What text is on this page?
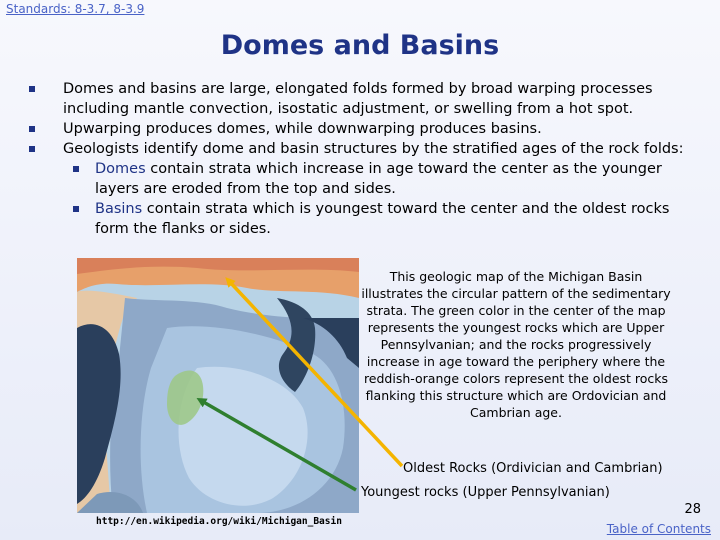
Standards: 8-3.7, 8-3.9
Domes and Basins
Domes and basins are large, elongated folds formed by broad warping processes including mantle convection, isostatic adjustment, or swelling from a hot spot.
Upwarping produces domes, while downwarping produces basins.
Geologists identify dome and basin structures by the stratified ages of the rock folds:
Domes contain strata which increase in age toward the center as the younger layers are eroded from the top and sides.
Basins contain strata which is youngest toward the center and the oldest rocks form the flanks or sides.
This geologic map of the Michigan Basin illustrates the circular pattern of the sedimentary strata. The green color in the center of the map represents the youngest rocks which are Upper Pennsylvanian; and the rocks progressively increase in age toward the periphery where the reddish-orange colors represent the oldest rocks flanking this structure which are Ordovician and Cambrian age.
Oldest Rocks (Ordivician and Cambrian)
Youngest rocks (Upper Pennsylvanian)
http://en.wikipedia.org/wiki/Michigan_Basin
28
Table of Contents
